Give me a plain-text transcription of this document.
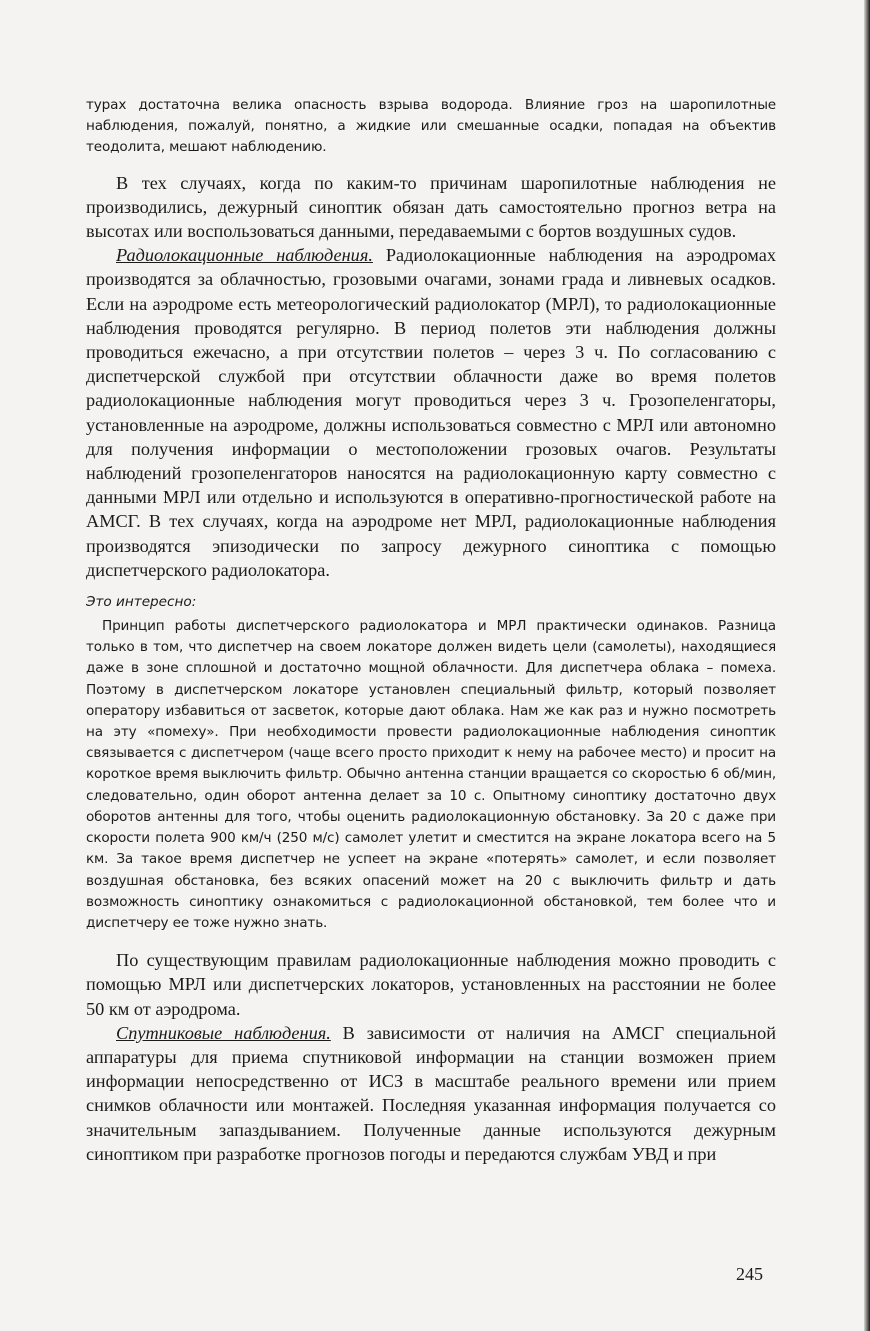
турах достаточна велика опасность взрыва водорода. Влияние гроз на шаропилотные наблюдения, пожалуй, понятно, а жидкие или смешанные осадки, попадая на объектив теодолита, мешают наблюдению.

В тех случаях, когда по каким-то причинам шаропилотные наблюдения не производились, дежурный синоптик обязан дать самостоятельно прогноз ветра на высотах или воспользоваться данными, передаваемыми с бортов воздушных судов.

Радиолокационные наблюдения. Радиолокационные наблюдения на аэродромах производятся за облачностью, грозовыми очагами, зонами града и ливневых осадков. Если на аэродроме есть метеорологический радиолокатор (МРЛ), то радиолокационные наблюдения проводятся регулярно. В период полетов эти наблюдения должны проводиться ежечасно, а при отсутствии полетов – через 3 ч. По согласованию с диспетчерской службой при отсутствии облачности даже во время полетов радиолокационные наблюдения могут проводиться через 3 ч. Грозопеленгаторы, установленные на аэродроме, должны использоваться совместно с МРЛ или автономно для получения информации о местоположении грозовых очагов. Результаты наблюдений грозопеленгаторов наносятся на радиолокационную карту совместно с данными МРЛ или отдельно и используются в оперативно-прогностической работе на АМСГ. В тех случаях, когда на аэродроме нет МРЛ, радиолокационные наблюдения производятся эпизодически по запросу дежурного синоптика с помощью диспетчерского радиолокатора.

Это интересно:

Принцип работы диспетчерского радиолокатора и МРЛ практически одинаков. Разница только в том, что диспетчер на своем локаторе должен видеть цели (самолеты), находящиеся даже в зоне сплошной и достаточно мощной облачности. Для диспетчера облака – помеха. Поэтому в диспетчерском локаторе установлен специальный фильтр, который позволяет оператору избавиться от засветок, которые дают облака. Нам же как раз и нужно посмотреть на эту «помеху». При необходимости провести радиолокационные наблюдения синоптик связывается с диспетчером (чаще всего просто приходит к нему на рабочее место) и просит на короткое время выключить фильтр. Обычно антенна станции вращается со скоростью 6 об/мин, следовательно, один оборот антенна делает за 10 с. Опытному синоптику достаточно двух оборотов антенны для того, чтобы оценить радиолокационную обстановку. За 20 с даже при скорости полета 900 км/ч (250 м/с) самолет улетит и сместится на экране локатора всего на 5 км. За такое время диспетчер не успеет на экране «потерять» самолет, и если позволяет воздушная обстановка, без всяких опасений может на 20 с выключить фильтр и дать возможность синоптику ознакомиться с радиолокационной обстановкой, тем более что и диспетчеру ее тоже нужно знать.

По существующим правилам радиолокационные наблюдения можно проводить с помощью МРЛ или диспетчерских локаторов, установленных на расстоянии не более 50 км от аэродрома.

Спутниковые наблюдения. В зависимости от наличия на АМСГ специальной аппаратуры для приема спутниковой информации на станции возможен прием информации непосредственно от ИСЗ в масштабе реального времени или прием снимков облачности или монтажей. Последняя указанная информация получается со значительным запаздыванием. Полученные данные используются дежурным синоптиком при разработке прогнозов погоды и передаются службам УВД и при

245
